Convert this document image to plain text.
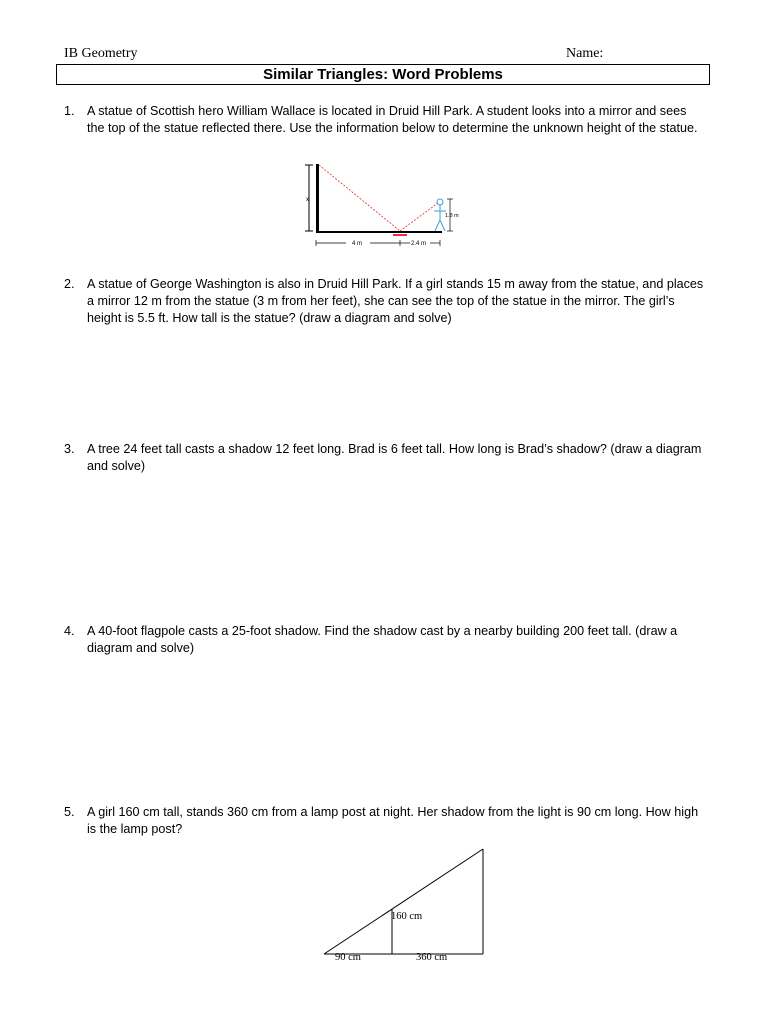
IB Geometry	Name:
Similar Triangles: Word Problems
1. A statue of Scottish hero William Wallace is located in Druid Hill Park. A student looks into a mirror and sees the top of the statue reflected there. Use the information below to determine the unknown height of the statue.
x
1.8 m
4 m	2.4 m
2. A statue of George Washington is also in Druid Hill Park. If a girl stands 15 m away from the statue, and places a mirror 12 m from the statue (3 m from her feet), she can see the top of the statue in the mirror. The girl’s height is 5.5 ft. How tall is the statue? (draw a diagram and solve)
3. A tree 24 feet tall casts a shadow 12 feet long. Brad is 6 feet tall. How long is Brad’s shadow? (draw a diagram and solve)
4. A 40-foot flagpole casts a 25-foot shadow. Find the shadow cast by a nearby building 200 feet tall. (draw a diagram and solve)
5. A girl 160 cm tall, stands 360 cm from a lamp post at night. Her shadow from the light is 90 cm long. How high is the lamp post?
160 cm
90 cm	360 cm
